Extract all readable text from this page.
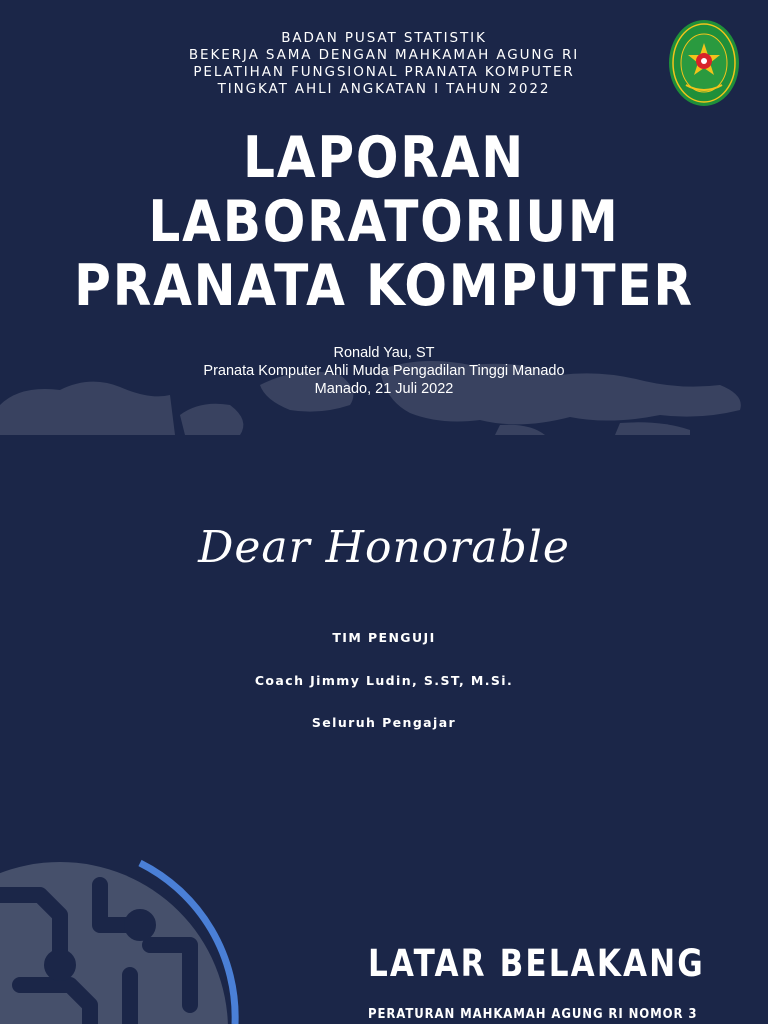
BADAN PUSAT STATISTIK
BEKERJA SAMA DENGAN MAHKAMAH AGUNG RI
PELATIHAN FUNGSIONAL PRANATA KOMPUTER
TINGKAT AHLI ANGKATAN I TAHUN 2022
LAPORAN
LABORATORIUM
PRANATA KOMPUTER
Ronald Yau, ST
Pranata Komputer Ahli Muda Pengadilan Tinggi Manado
Manado, 21 Juli 2022
Dear Honorable
TIM PENGUJI
Coach Jimmy Ludin, S.ST, M.Si.
Seluruh Pengajar
LATAR BELAKANG
PERATURAN MAHKAMAH AGUNG RI NOMOR 3
